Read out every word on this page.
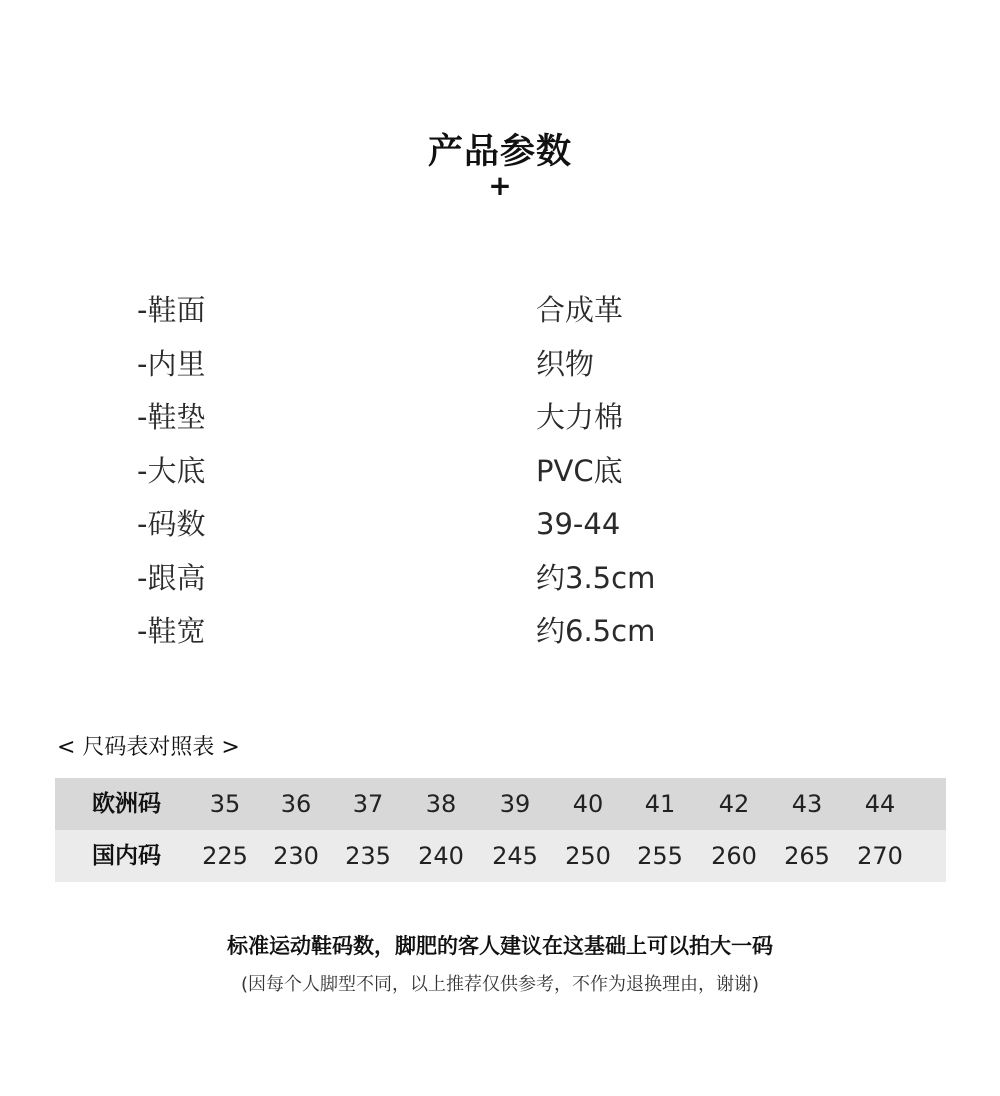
产品参数
+
-鞋面	合成革
-内里	织物
-鞋垫	大力棉
-大底	PVC底
-码数	39-44
-跟高	约3.5cm
-鞋宽	约6.5cm
< 尺码表对照表 >
欧洲码	35	36	37	38	39	40	41	42	43	44
国内码	225	230	235	240	245	250	255	260	265	270
标准运动鞋码数，脚肥的客人建议在这基础上可以拍大一码
(因每个人脚型不同，以上推荐仅供参考，不作为退换理由，谢谢)
